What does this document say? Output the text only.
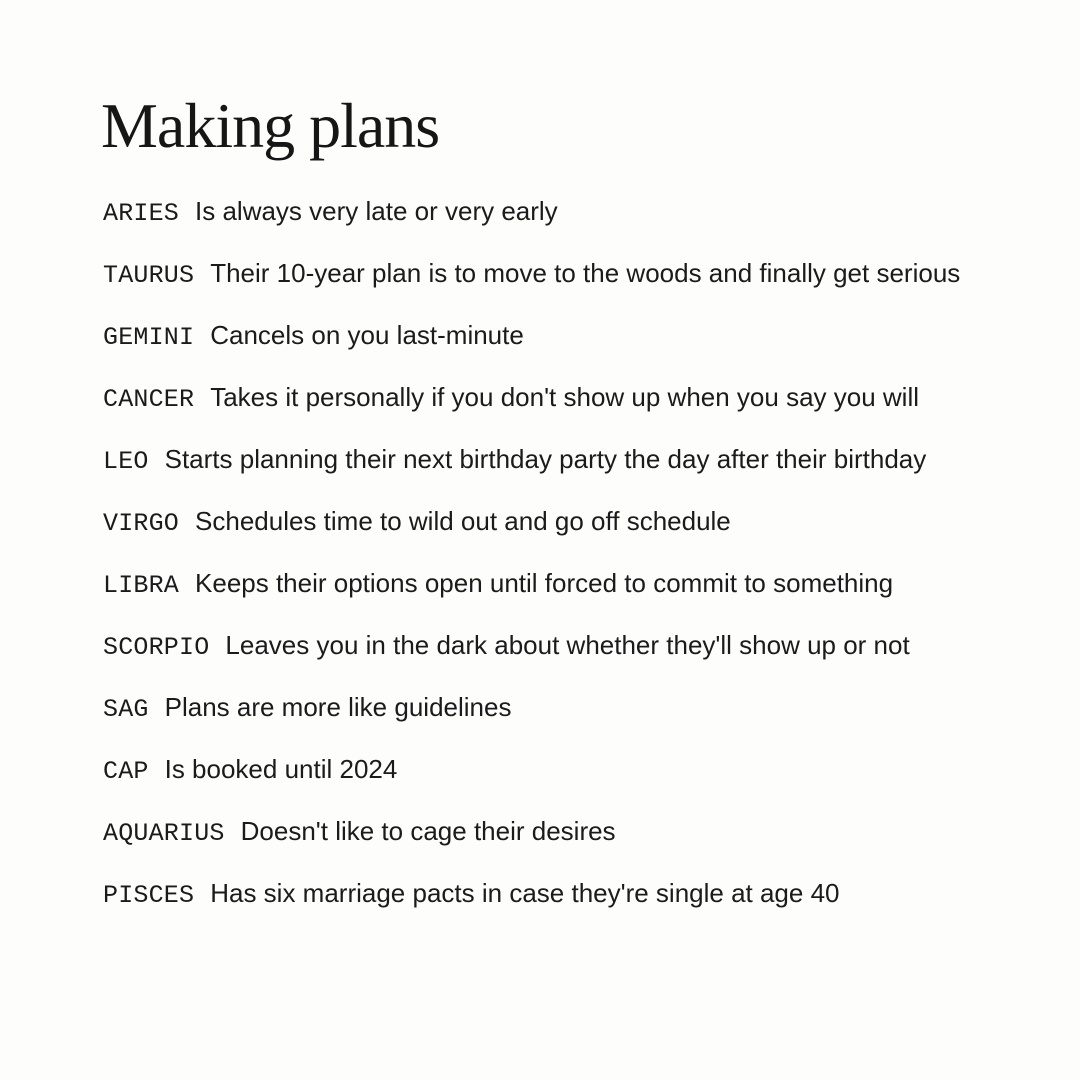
Making plans
ARIES Is always very late or very early
TAURUS Their 10-year plan is to move to the woods and finally get serious
GEMINI Cancels on you last-minute
CANCER Takes it personally if you don't show up when you say you will
LEO Starts planning their next birthday party the day after their birthday
VIRGO Schedules time to wild out and go off schedule
LIBRA Keeps their options open until forced to commit to something
SCORPIO Leaves you in the dark about whether they'll show up or not
SAG Plans are more like guidelines
CAP Is booked until 2024
AQUARIUS Doesn't like to cage their desires
PISCES Has six marriage pacts in case they're single at age 40
